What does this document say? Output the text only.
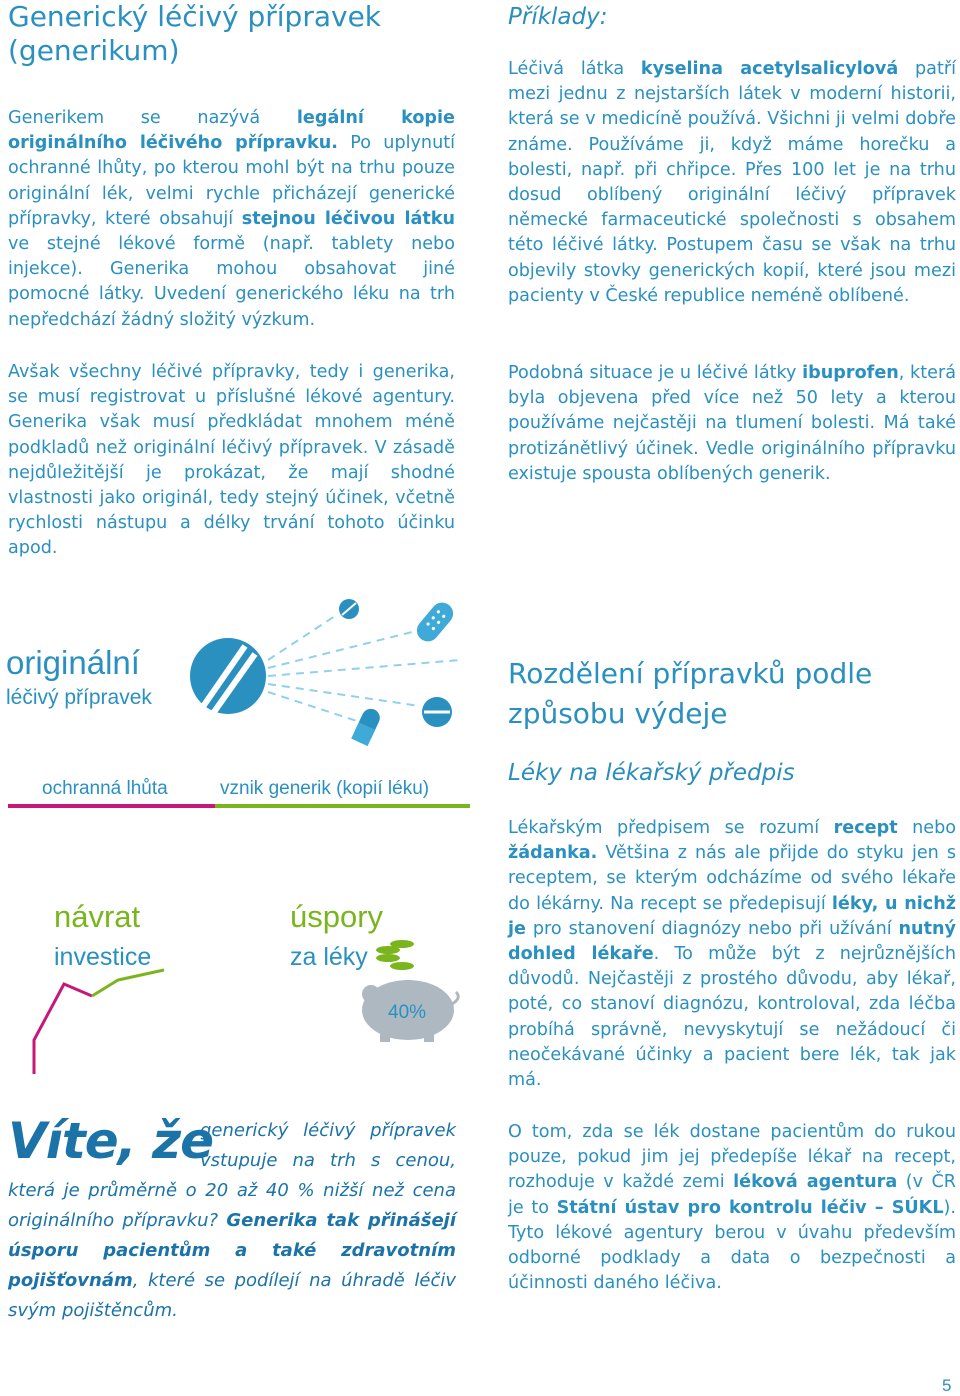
Generický léčivý přípravek
(generikum)

Generikem se nazývá legální kopie originálního léčivého přípravku. Po uplynutí ochranné lhůty, po kterou mohl být na trhu pouze originální lék, velmi rychle přicházejí generické přípravky, které obsahují stejnou léčivou látku ve stejné lékové formě (např. tablety nebo injekce). Generika mohou obsahovat jiné pomocné látky. Uvedení generického léku na trh nepředchází žádný složitý výzkum.

Avšak všechny léčivé přípravky, tedy i generika, se musí registrovat u příslušné lékové agentury. Generika však musí předkládat mnohem méně podkladů než originální léčivý přípravek. V zásadě nejdůležitější je prokázat, že mají shodné vlastnosti jako originál, tedy stejný účinek, včetně rychlosti nástupu a délky trvání tohoto účinku apod.

Příklady:

Léčivá látka kyselina acetylsalicylová patří mezi jednu z nejstarších látek v moderní historii, která se v medicíně používá. Všichni ji velmi dobře známe. Používáme ji, když máme horečku a bolesti, např. při chřipce. Přes 100 let je na trhu dosud oblíbený originální léčivý přípravek německé farmaceutické společnosti s obsahem této léčivé látky. Postupem času se však na trhu objevily stovky generických kopií, které jsou mezi pacienty v České republice neméně oblíbené.

Podobná situace je u léčivé látky ibuprofen, která byla objevena před více než 50 lety a kterou používáme nejčastěji na tlumení bolesti. Má také protizánětlivý účinek. Vedle originálního přípravku existuje spousta oblíbených generik.

Rozdělení přípravků podle
způsobu výdeje
Léky na lékařský předpis

Lékařským předpisem se rozumí recept nebo žádanka. Většina z nás ale přijde do styku jen s receptem, se kterým odcházíme od svého lékaře do lékárny. Na recept se předepisují léky, u nichž je pro stanovení diagnózy nebo při užívání nutný dohled lékaře. To může být z nejrůznějších důvodů. Nejčastěji z prostého důvodu, aby lékař, poté, co stanoví diagnózu, kontroloval, zda léčba probíhá správně, nevyskytují se nežádoucí či neočekávané účinky a pacient bere lék, tak jak má.

O tom, zda se lék dostane pacientům do rukou pouze, pokud jim jej předepíše lékař na recept, rozhoduje v každé zemi léková agentura (v ČR je to Státní ústav pro kontrolu léčiv – SÚKL). Tyto lékové agentury berou v úvahu především odborné podklady a data o bezpečnosti a účinnosti daného léčiva.

originální
léčivý přípravek
ochranná lhůta	vznik generik (kopií léku)
návrat
investice
úspory
za léky
40%
Víte, že
generický léčivý přípravek vstupuje na trh s cenou, která je průměrně o 20 až 40 % nižší než cena originálního přípravku? Generika tak přinášejí úsporu pacientům a také zdravotním pojišťovnám, které se podílejí na úhradě léčiv svým pojištěncům.
5
